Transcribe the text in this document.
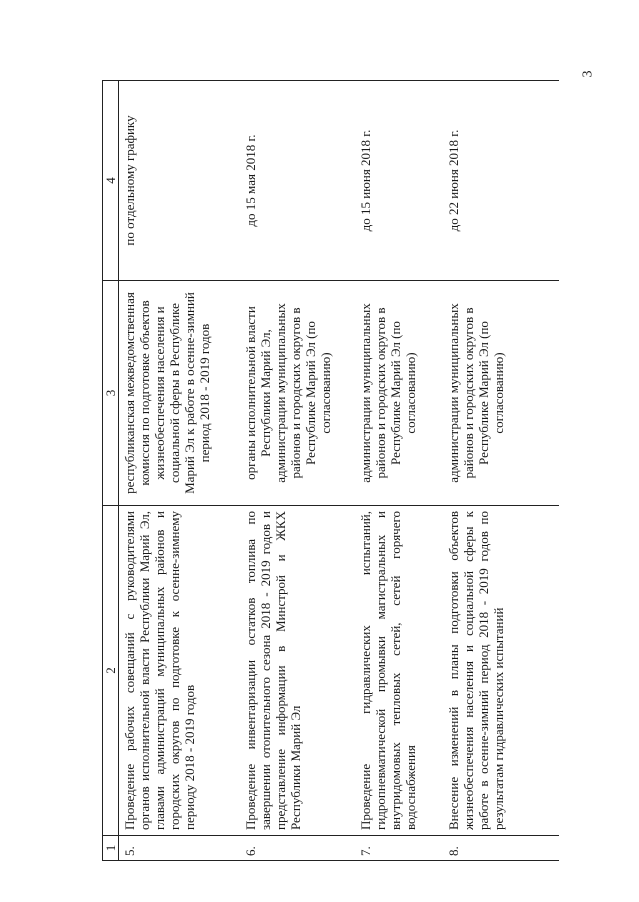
3
1	2	3	4
5.	Проведение рабочих совещаний с руководителями органов исполнительной власти Республики Марий Эл, главами администраций муниципальных районов и городских округов по подготовке к осенне-зимнему периоду 2018 - 2019 годов	республиканская межведомственная комиссия по подготовке объектов жизнеобеспечения населения и социальной сферы в Республике Марий Эл к работе в осенне-зимний период 2018 - 2019 годов	по отдельному графику
6.	Проведение инвентаризации остатков топлива по завершении отопительного сезона 2018 - 2019 годов и представление информации в Минстрой и ЖКХ Республики Марий Эл	органы исполнительной власти Республики Марий Эл, администрации муниципальных районов и городских округов в Республике Марий Эл (по согласованию)	до 15 мая 2018 г.
7.	Проведение гидравлических испытаний, гидропневматической промывки магистральных и внутридомовых тепловых сетей, сетей горячего водоснабжения	администрации муниципальных районов и городских округов в Республике Марий Эл (по согласованию)	до 15 июня 2018 г.
8.	Внесение изменений в планы подготовки объектов жизнеобеспечения населения и социальной сферы к работе в осенне-зимний период 2018 - 2019 годов по результатам гидравлических испытаний	администрации муниципальных районов и городских округов в Республике Марий Эл (по согласованию)	до 22 июня 2018 г.
